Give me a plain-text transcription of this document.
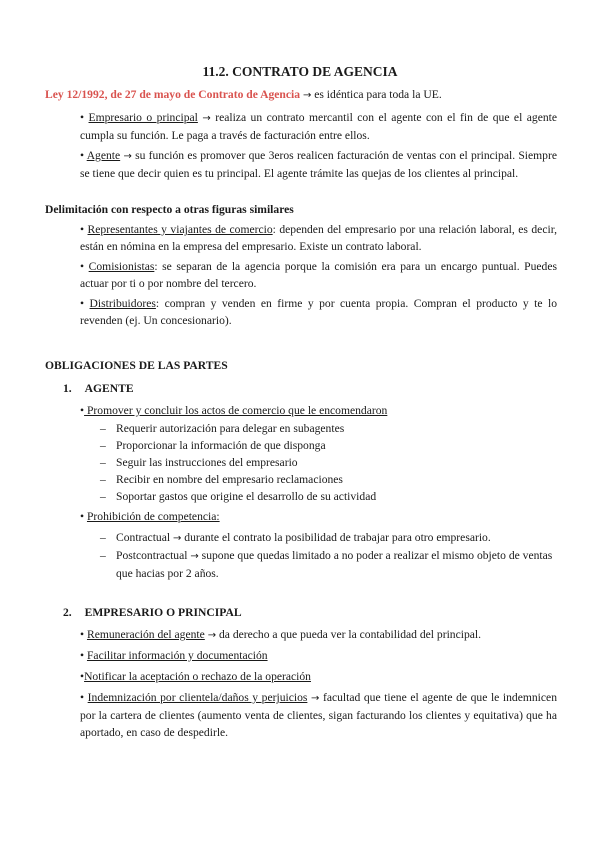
11.2. CONTRATO DE AGENCIA
Ley 12/1992, de 27 de mayo de Contrato de Agencia → es idéntica para toda la UE.
• Empresario o principal → realiza un contrato mercantil con el agente con el fin de que el agente cumpla su función. Le paga a través de facturación entre ellos.
• Agente → su función es promover que 3eros realicen facturación de ventas con el principal. Siempre se tiene que decir quien es tu principal. El agente trámite las quejas de los clientes al principal.
Delimitación con respecto a otras figuras similares
• Representantes y viajantes de comercio: dependen del empresario por una relación laboral, es decir, están en nómina en la empresa del empresario. Existe un contrato laboral.
• Comisionistas: se separan de la agencia porque la comisión era para un encargo puntual. Puedes actuar por ti o por nombre del tercero.
• Distribuidores: compran y venden en firme y por cuenta propia. Compran el producto y te lo revenden (ej. Un concesionario).
OBLIGACIONES DE LAS PARTES
1. AGENTE
• Promover y concluir los actos de comercio que le encomendaron
– Requerir autorización para delegar en subagentes
– Proporcionar la información de que disponga
– Seguir las instrucciones del empresario
– Recibir en nombre del empresario reclamaciones
– Soportar gastos que origine el desarrollo de su actividad
• Prohibición de competencia:
– Contractual → durante el contrato la posibilidad de trabajar para otro empresario.
– Postcontractual → supone que quedas limitado a no poder a realizar el mismo objeto de ventas que hacias por 2 años.
2. EMPRESARIO O PRINCIPAL
• Remuneración del agente → da derecho a que pueda ver la contabilidad del principal.
• Facilitar información y documentación
•Notificar la aceptación o rechazo de la operación
• Indemnización por clientela/daños y perjuicios → facultad que tiene el agente de que le indemnicen por la cartera de clientes (aumento venta de clientes, sigan facturando los clientes y equitativa) que ha aportado, en caso de despedirle.
